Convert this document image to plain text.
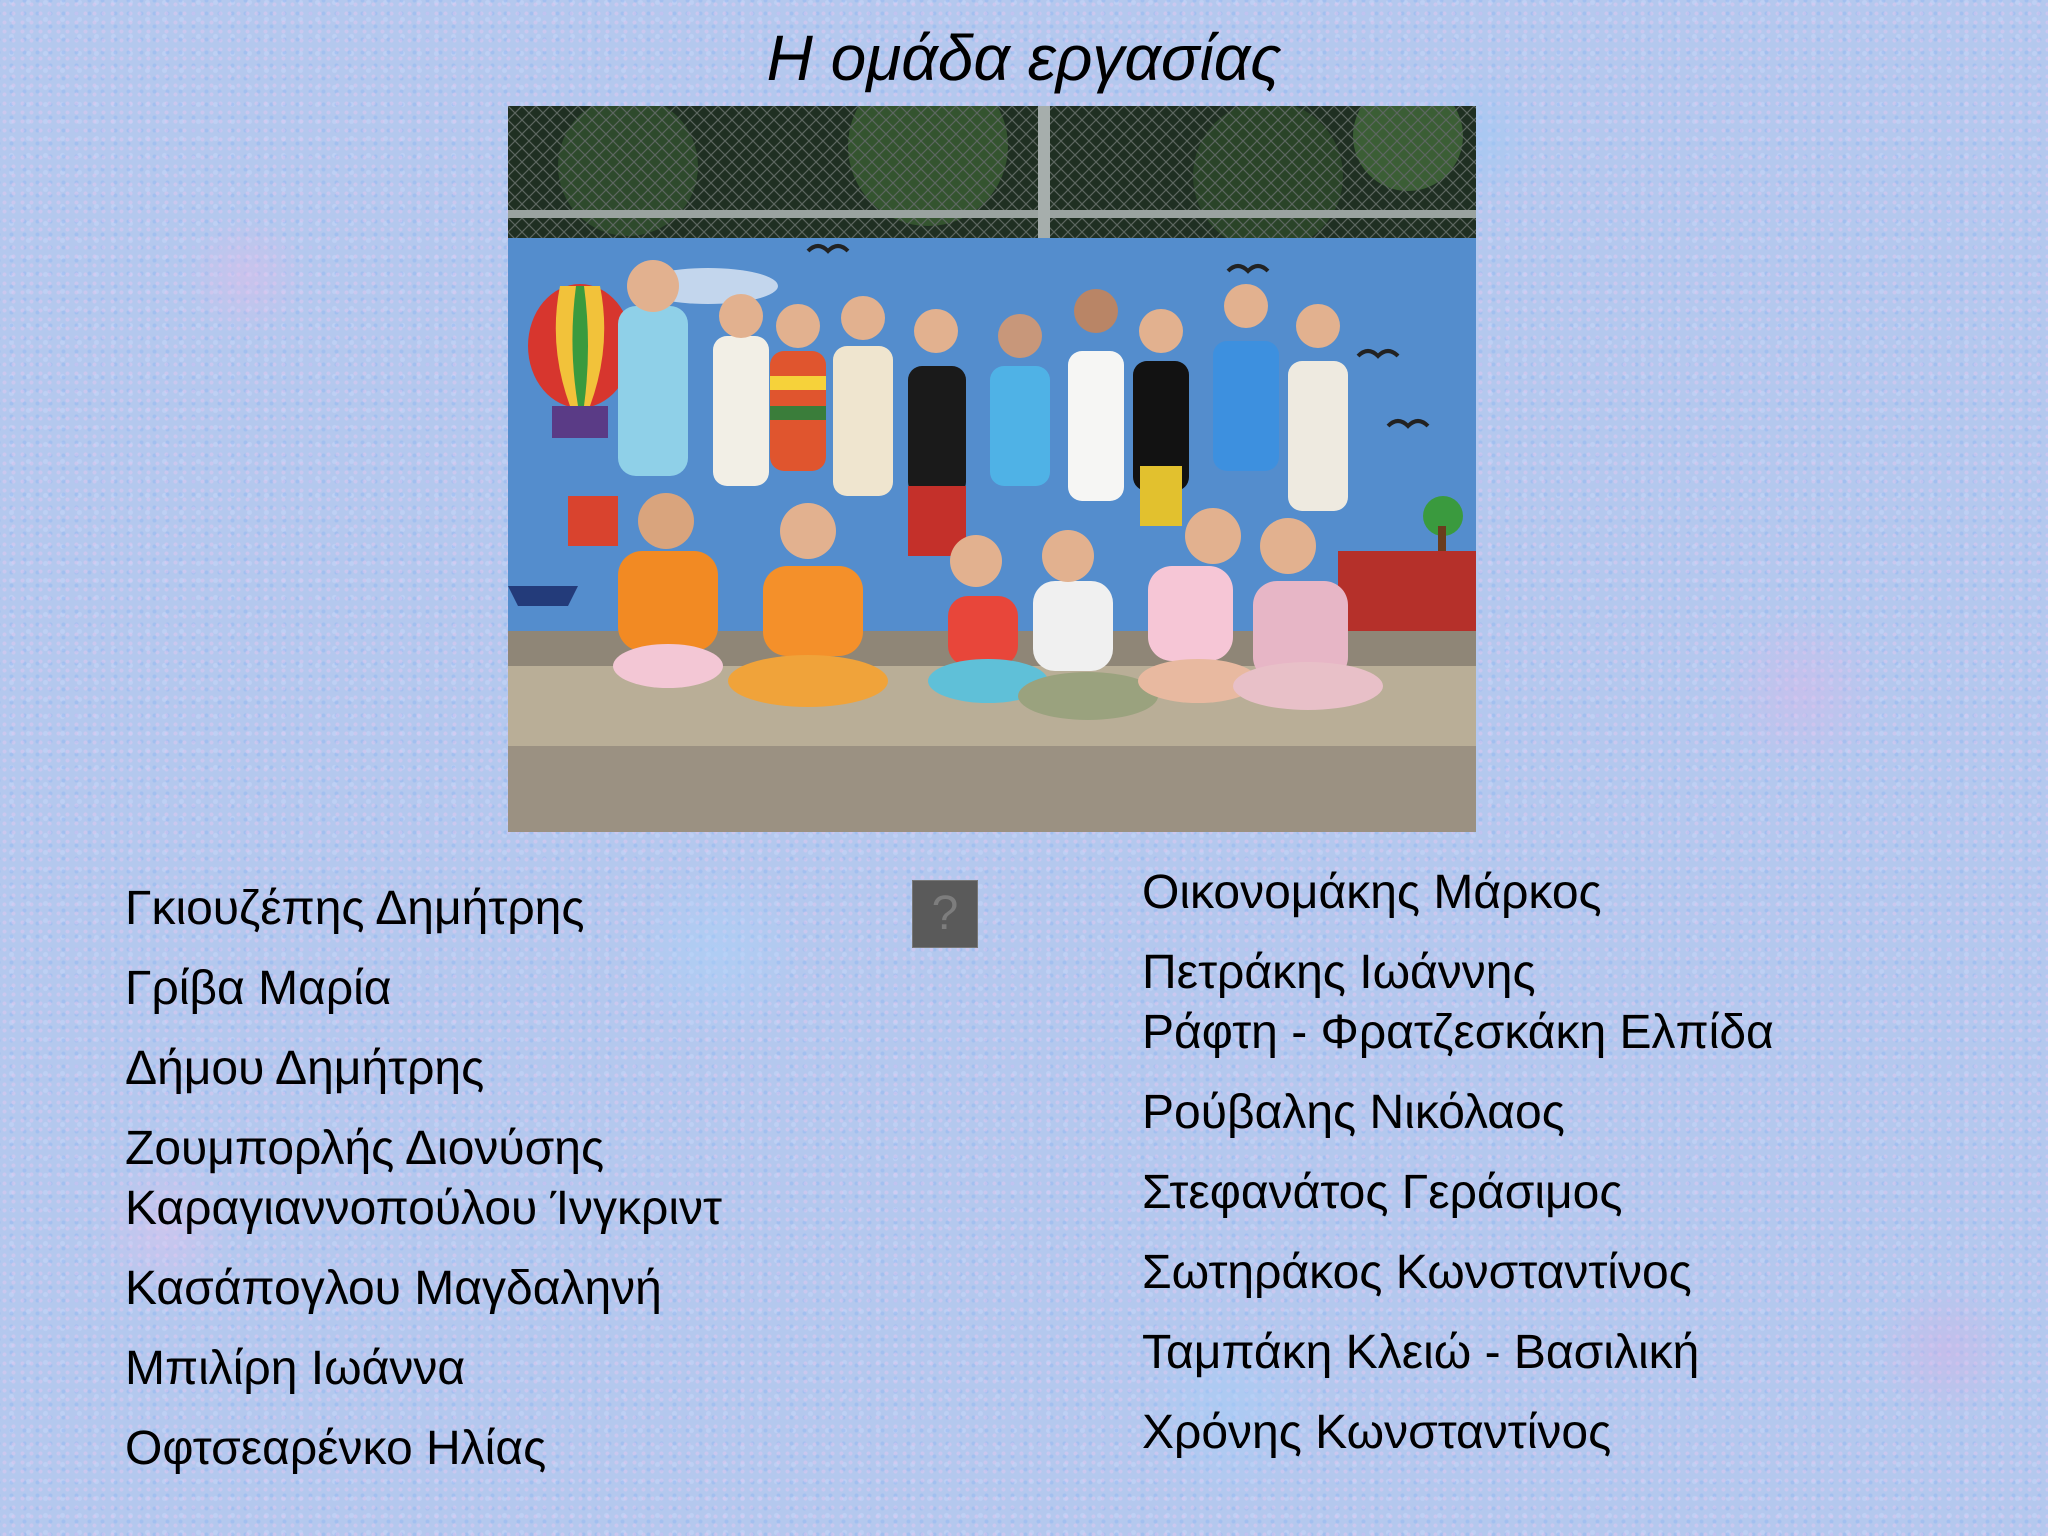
Η ομάδα εργασίας
?
Γκιουζέπης Δημήτρης
Γρίβα Μαρία
Δήμου Δημήτρης
Ζουμπορλής Διονύσης
Καραγιαννοπούλου Ίνγκριντ
Κασάπογλου Μαγδαληνή
Μπιλίρη Ιωάννα
Οφτσεαρένκο Ηλίας
Οικονομάκης Μάρκος
Πετράκης Ιωάννης
Ράφτη - Φρατζεσκάκη Ελπίδα
Ρούβαλης Νικόλαος
Στεφανάτος Γεράσιμος
Σωτηράκος Κωνσταντίνος
Ταμπάκη Κλειώ - Βασιλική
Χρόνης Κωνσταντίνος
